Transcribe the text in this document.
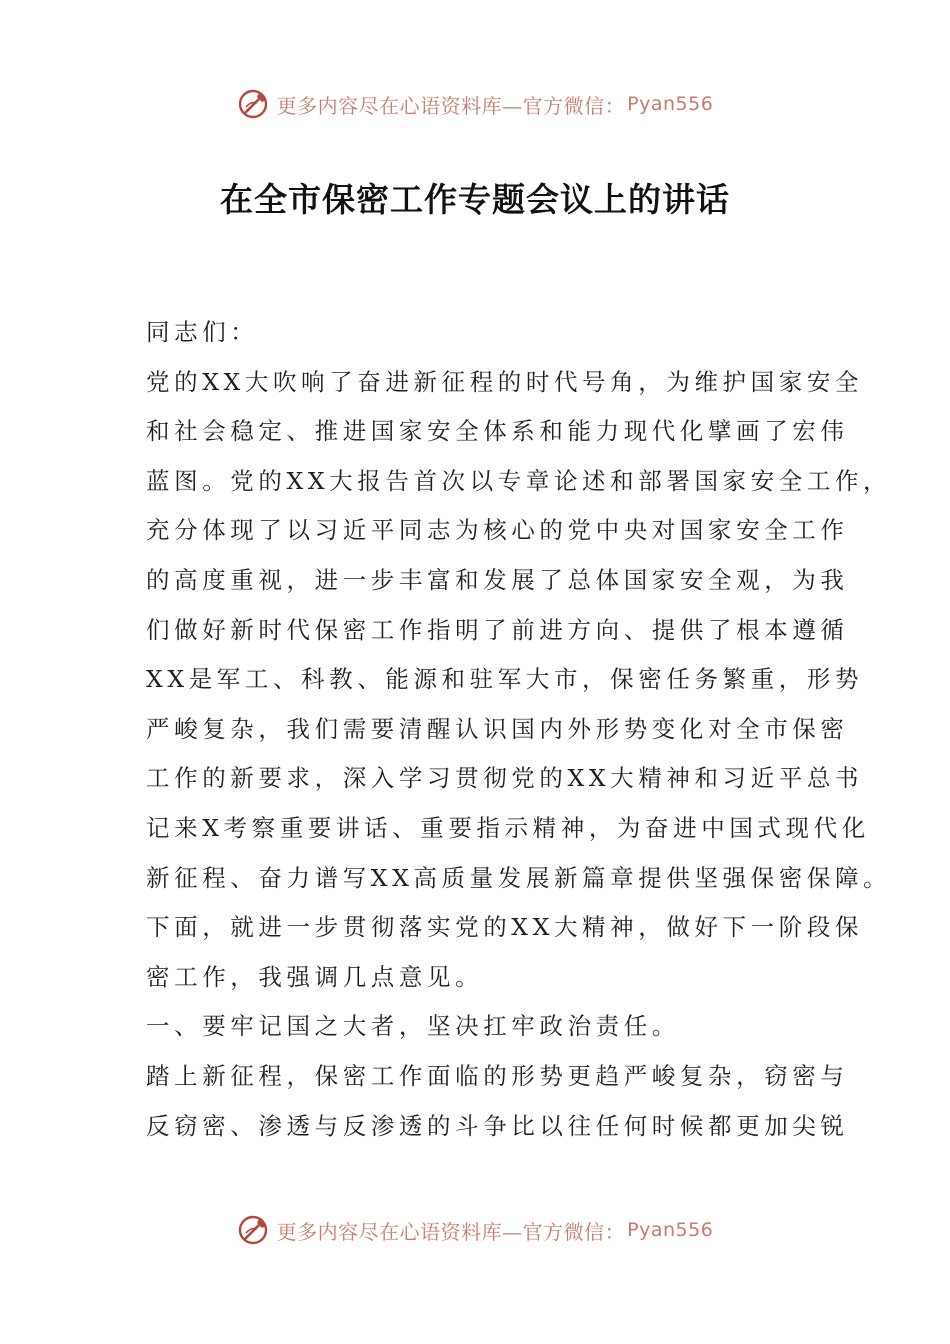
更多内容尽在心语资料库—官方微信： Pyan556
在全市保密工作专题会议上的讲话
同志们：
党的XX大吹响了奋进新征程的时代号角，为维护国家安全
和社会稳定、推进国家安全体系和能力现代化擘画了宏伟
蓝图。党的XX大报告首次以专章论述和部署国家安全工作，
充分体现了以习近平同志为核心的党中央对国家安全工作
的高度重视，进一步丰富和发展了总体国家安全观，为我
们做好新时代保密工作指明了前进方向、提供了根本遵循
XX是军工、科教、能源和驻军大市，保密任务繁重，形势
严峻复杂，我们需要清醒认识国内外形势变化对全市保密
工作的新要求，深入学习贯彻党的XX大精神和习近平总书
记来X考察重要讲话、重要指示精神，为奋进中国式现代化
新征程、奋力谱写XX高质量发展新篇章提供坚强保密保障。
下面，就进一步贯彻落实党的XX大精神，做好下一阶段保
密工作，我强调几点意见。
一、要牢记国之大者，坚决扛牢政治责任。
踏上新征程，保密工作面临的形势更趋严峻复杂，窃密与
反窃密、渗透与反渗透的斗争比以往任何时候都更加尖锐
更多内容尽在心语资料库—官方微信： Pyan556
